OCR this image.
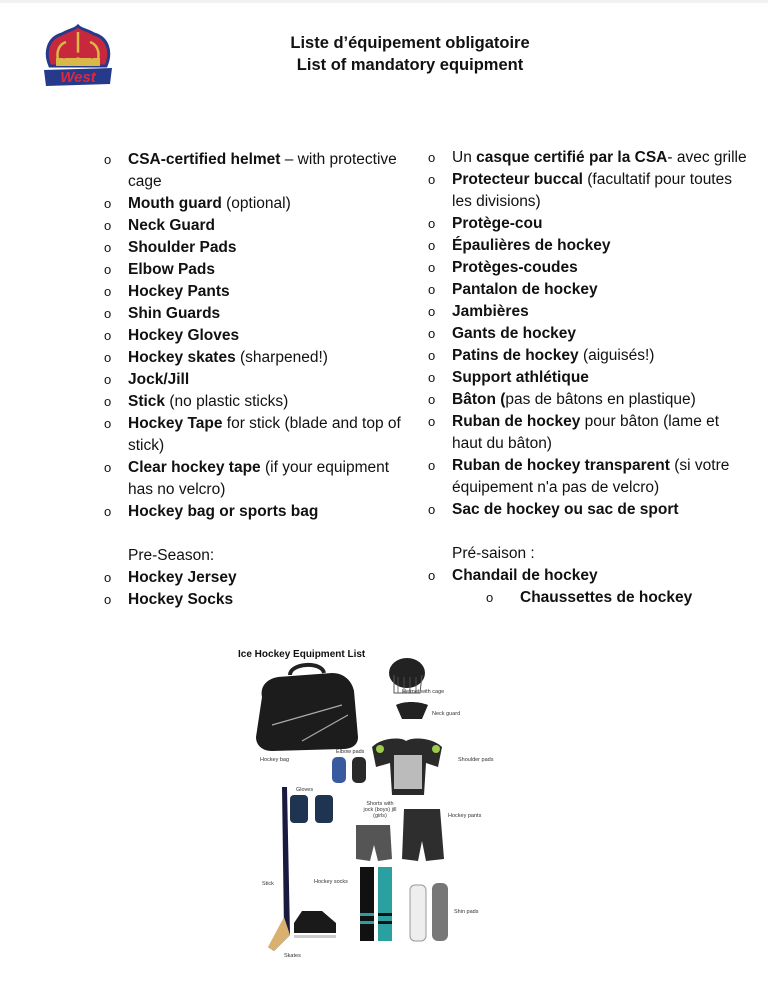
West
Liste d’équipement obligatoire
List of mandatory equipment
o	CSA-certified helmet – with protective cage
o	Mouth guard (optional)
o	Neck Guard
o	Shoulder Pads
o	Elbow Pads
o	Hockey Pants
o	Shin Guards
o	Hockey Gloves
o	Hockey skates (sharpened!)
o	Jock/Jill
o	Stick (no plastic sticks)
o	Hockey Tape for stick (blade and top of stick)
o	Clear hockey tape (if your equipment has no velcro)
o	Hockey bag or sports bag
Pre-Season:
o	Hockey Jersey
o	Hockey Socks
o	Un casque certifié par la CSA- avec grille
o	Protecteur buccal (facultatif pour toutes les divisions)
o	Protège-cou
o	Épaulières de hockey
o	Protèges-coudes
o	Pantalon de hockey
o	Jambières
o	Gants de hockey
o	Patins de hockey (aiguisés!)
o	Support athlétique
o	Bâton (pas de bâtons en plastique)
o	Ruban de hockey pour bâton (lame et haut du bâton)
o	Ruban de hockey transparent (si votre équipement n'a pas de velcro)
o	Sac de hockey ou sac de sport
Pré-saison :
o	Chandail de hockey
o Chaussettes de hockey
Ice Hockey Equipment List
Helmet with cage
Neck guard
Hockey bag
Elbow pads
Shoulder pads
Gloves
Shorts with jock (boys) jill (girls)	Hockey pants
Stick	Hockey socks
Shin pads
Skates
